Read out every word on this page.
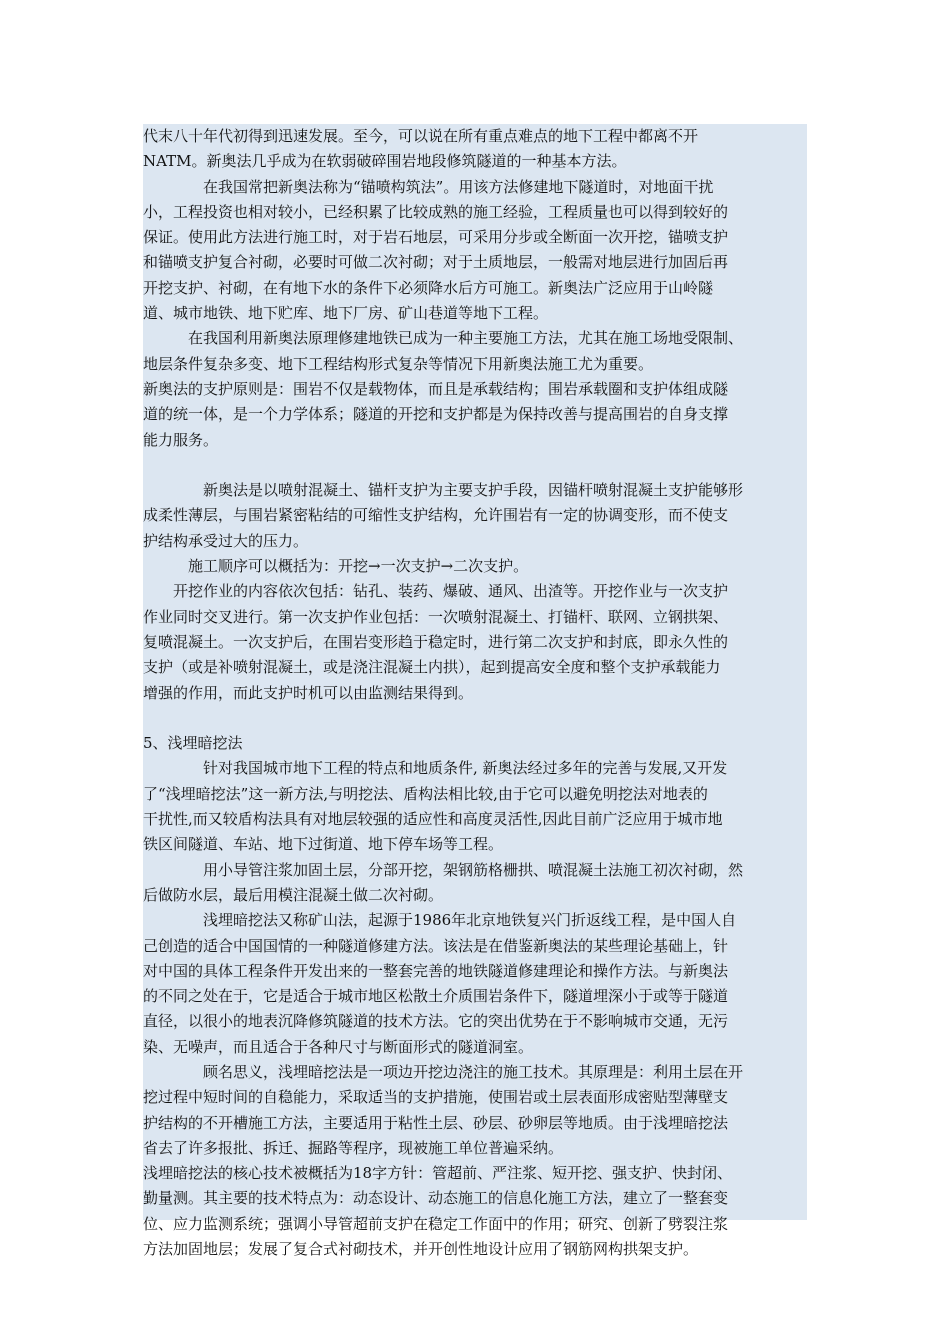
代末八十年代初得到迅速发展。至今，可以说在所有重点难点的地下工程中都离不开
NATM。新奥法几乎成为在软弱破碎围岩地段修筑隧道的一种基本方法。
在我国常把新奥法称为“锚喷构筑法”。用该方法修建地下隧道时，对地面干扰
小，工程投资也相对较小，已经积累了比较成熟的施工经验，工程质量也可以得到较好的
保证。使用此方法进行施工时，对于岩石地层，可采用分步或全断面一次开挖，锚喷支护
和锚喷支护复合衬砌，必要时可做二次衬砌；对于土质地层，一般需对地层进行加固后再
开挖支护、衬砌，在有地下水的条件下必须降水后方可施工。新奥法广泛应用于山岭隧
道、城市地铁、地下贮库、地下厂房、矿山巷道等地下工程。
在我国利用新奥法原理修建地铁已成为一种主要施工方法，尤其在施工场地受限制、
地层条件复杂多变、地下工程结构形式复杂等情况下用新奥法施工尤为重要。
新奥法的支护原则是：围岩不仅是载物体，而且是承载结构；围岩承载圈和支护体组成隧
道的统一体，是一个力学体系；隧道的开挖和支护都是为保持改善与提高围岩的自身支撑
能力服务。
新奥法是以喷射混凝土、锚杆支护为主要支护手段，因锚杆喷射混凝土支护能够形
成柔性薄层，与围岩紧密粘结的可缩性支护结构，允许围岩有一定的协调变形，而不使支
护结构承受过大的压力。
施工顺序可以概括为：开挖→一次支护→二次支护。
开挖作业的内容依次包括：钻孔、装药、爆破、通风、出渣等。开挖作业与一次支护
作业同时交叉进行。第一次支护作业包括：一次喷射混凝土、打锚杆、联网、立钢拱架、
复喷混凝土。一次支护后，在围岩变形趋于稳定时，进行第二次支护和封底，即永久性的
支护（或是补喷射混凝土，或是浇注混凝土内拱），起到提高安全度和整个支护承载能力
增强的作用，而此支护时机可以由监测结果得到。
5、浅埋暗挖法
针对我国城市地下工程的特点和地质条件, 新奥法经过多年的完善与发展,又开发
了“浅埋暗挖法”这一新方法,与明挖法、盾构法相比较,由于它可以避免明挖法对地表的
干扰性,而又较盾构法具有对地层较强的适应性和高度灵活性,因此目前广泛应用于城市地
铁区间隧道、车站、地下过街道、地下停车场等工程。
用小导管注浆加固土层，分部开挖，架钢筋格栅拱、喷混凝土法施工初次衬砌，然
后做防水层，最后用模注混凝土做二次衬砌。
浅埋暗挖法又称矿山法，起源于1986年北京地铁复兴门折返线工程，是中国人自
己创造的适合中国国情的一种隧道修建方法。该法是在借鉴新奥法的某些理论基础上，针
对中国的具体工程条件开发出来的一整套完善的地铁隧道修建理论和操作方法。与新奥法
的不同之处在于，它是适合于城市地区松散土介质围岩条件下，隧道埋深小于或等于隧道
直径，以很小的地表沉降修筑隧道的技术方法。它的突出优势在于不影响城市交通，无污
染、无噪声，而且适合于各种尺寸与断面形式的隧道洞室。
顾名思义，浅埋暗挖法是一项边开挖边浇注的施工技术。其原理是：利用土层在开
挖过程中短时间的自稳能力，采取适当的支护措施，使围岩或土层表面形成密贴型薄壁支
护结构的不开槽施工方法，主要适用于粘性土层、砂层、砂卵层等地质。由于浅埋暗挖法
省去了许多报批、拆迁、掘路等程序，现被施工单位普遍采纳。
浅埋暗挖法的核心技术被概括为18字方针：管超前、严注浆、短开挖、强支护、快封闭、
勤量测。其主要的技术特点为：动态设计、动态施工的信息化施工方法，建立了一整套变
位、应力监测系统；强调小导管超前支护在稳定工作面中的作用；研究、创新了劈裂注浆
方法加固地层；发展了复合式衬砌技术，并开创性地设计应用了钢筋网构拱架支护。
